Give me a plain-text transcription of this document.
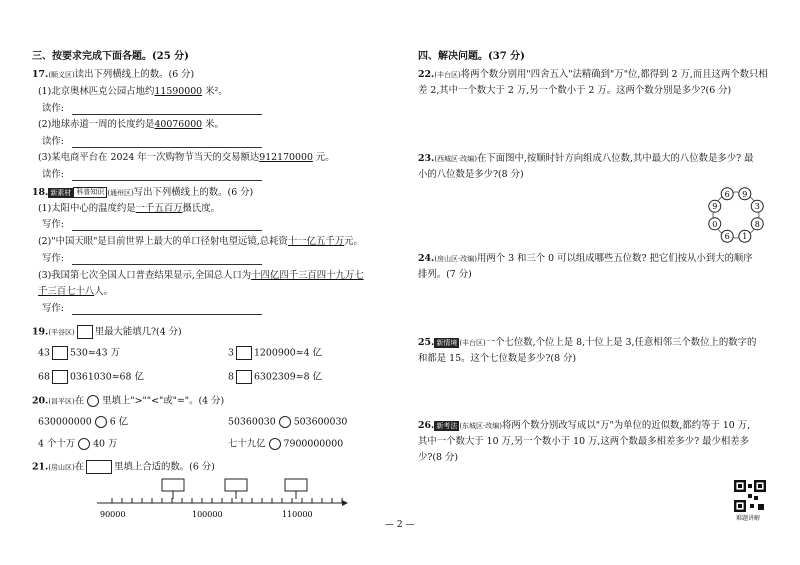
三、按要求完成下面各题。(25 分)
17.(顺义区)读出下列横线上的数。(6 分)
(1)北京奥林匹克公园占地约11590000 米²。
读作:
(2)地球赤道一周的长度约是40076000 米。
读作:
(3)某电商平台在 2024 年一次购物节当天的交易额达912170000 元。
读作:
18. 新素材 科普知识 (通州区)写出下列横线上的数。(6 分)
(1)太阳中心的温度约是一千五百万摄氏度。
写作:
(2)"中国天眼"是目前世界上最大的单口径射电望远镜,总耗资十一亿五千万元。
写作:
(3)我国第七次全国人口普查结果显示,全国总人口为十四亿四千三百四十九万七
千三百七十八人。
写作:
19.(平谷区) 里最大能填几?(4 分)
43 530≈43 万	3 1200900≈4 亿
68 0361030≈68 亿	8 6302309≈8 亿
20.(昌平区)在 里填上">""<"或"="。(4 分)
630000000 6 亿	50360030 503600030
4 个十万 40 万	七十九亿 7900000000
21.(房山区)在	里填上合适的数。(6 分)
90000	100000	110000
四、解决问题。(37 分)
22.(丰台区)将两个数分别用"四舍五入"法精确到"万"位,都得到 2 万,而且这两个数只相
差 2,其中一个数大于 2 万,另一个数小于 2 万。这两个数分别是多少?(6 分)
23.(西城区·改编)在下面图中,按顺时针方向组成八位数,其中最大的八位数是多少? 最
小的八位数是多少?(8 分)
6 9
3
8
1
6
0
9
24.(房山区·改编)用两个 3 和三个 0 可以组成哪些五位数? 把它们按从小到大的顺序
排列。(7 分)
25. 新情境 (丰台区)一个七位数,个位上是 8,十位上是 3,任意相邻三个数位上的数字的
和都是 15。这个七位数是多少?(8 分)
26. 新考法 (东城区·改编)将两个数分别改写成以"万"为单位的近似数,都约等于 10 万,
其中一个数大于 10 万,另一个数小于 10 万,这两个数最多相差多少? 最少相差多
少?(8 分)
难题讲解
— 2 —
